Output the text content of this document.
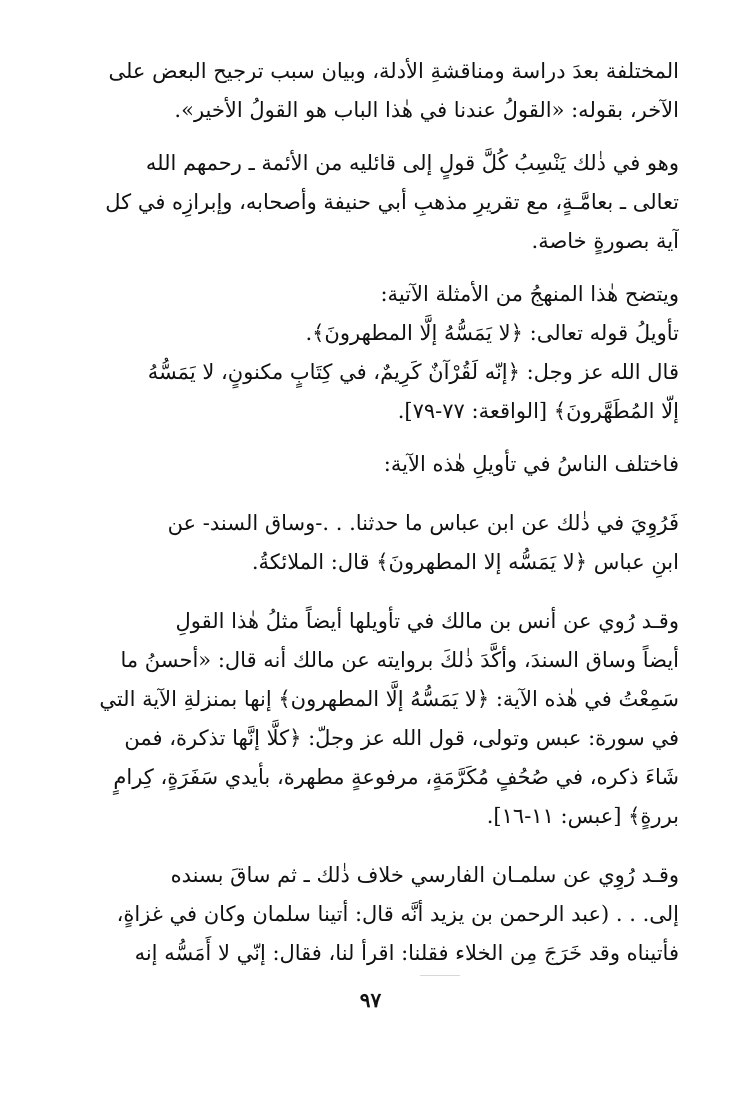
المختلفة بعدَ دراسة ومناقشةِ الأدلة، وبيان سبب ترجيح البعض على
الآخر، بقوله: «القولُ عندنا في هٰذا الباب هو القولُ الأخير».
وهو في ذٰلك يَنْسِبُ كُلَّ قولٍ إلى قائليه من الأئمة ـ رحمهم الله
تعالى ـ بعامَّـةٍ، مع تقريرِ مذهبِ أبي حنيفة وأصحابه، وإبرازِه في كل
آية بصورةٍ خاصة.
ويتضح هٰذا المنهجُ من الأمثلة الآتية:
تأويلُ قوله تعالى: ﴿لا يَمَسُّهُ إلَّا المطهرونَ﴾.
قال الله عز وجل: ﴿إنّه لَقُرْآنٌ كَرِيمٌ، في كِتَابٍ مكنونٍ، لا يَمَسُّهُ
إلّا المُطَهَّرونَ﴾ [الواقعة: ٧٧-٧٩].
فاختلف الناسُ في تأويلِ هٰذه الآية:
فَرُوِيَ في ذٰلك عن ابن عباس ما حدثنا. . .-وساق السند- عن
ابنِ عباس ﴿لا يَمَسُّه إلا المطهرونَ﴾ قال: الملائكةُ.
وقـد رُوي عن أنس بن مالك في تأويلها أيضاً مثلُ هٰذا القولِ
أيضاً وساق السندَ، وأكَّدَ ذٰلكَ بروايته عن مالك أنه قال: «أحسنُ ما
سَمِعْتُ في هٰذه الآية: ﴿لا يَمَسُّهُ إلَّا المطهرون﴾ إنها بمنزلةِ الآية التي
في سورة: عبس وتولى، قول الله عز وجلّ: ﴿كلَّا إنَّها تذكرة، فمن
شَاءَ ذكره، في صُحُفٍ مُكَرَّمَةٍ، مرفوعةٍ مطهرة، بأيدي سَفَرَةٍ، كِرامٍ
بررةٍ﴾ [عبس: ١١-١٦].
وقـد رُوِي عن سلمـان الفارسي خلاف ذٰلك ـ ثم ساقَ بسنده
إلى. . . (عبد الرحمن بن يزيد أنَّه قال: أتينا سلمان وكان في غزاةٍ،
فأتيناه وقد خَرَجَ مِن الخلاء فقلنا: اقرأ لنا، فقال: إنّي لا أَمَسُّه إنه
٩٧
